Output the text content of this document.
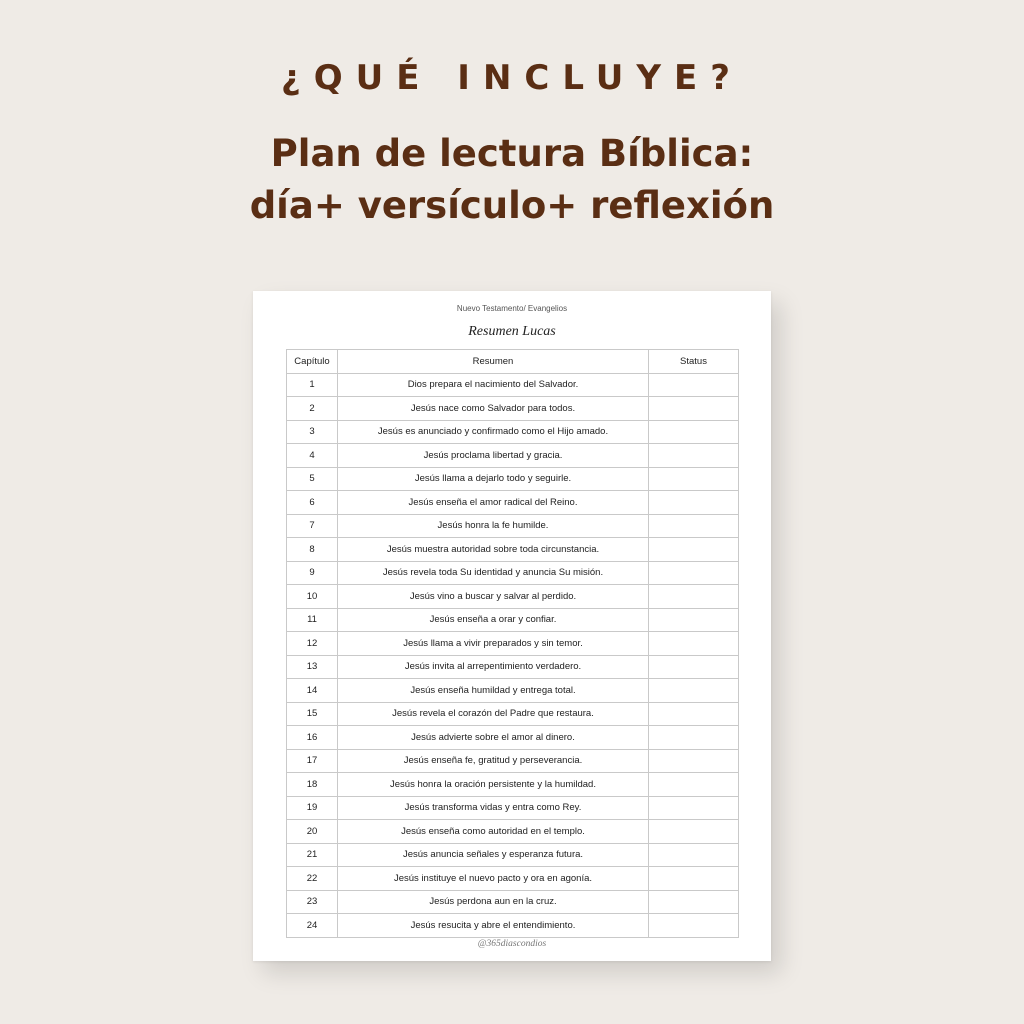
¿QUÉ INCLUYE?
Plan de lectura Bíblica:
día+ versículo+ reflexión
Nuevo Testamento/ Evangelios
Resumen Lucas
Capítulo	Resumen	Status
1	Dios prepara el nacimiento del Salvador.	
2	Jesús nace como Salvador para todos.	
3	Jesús es anunciado y confirmado como el Hijo amado.	
4	Jesús proclama libertad y gracia.	
5	Jesús llama a dejarlo todo y seguirle.	
6	Jesús enseña el amor radical del Reino.	
7	Jesús honra la fe humilde.	
8	Jesús muestra autoridad sobre toda circunstancia.	
9	Jesús revela toda Su identidad y anuncia Su misión.	
10	Jesús vino a buscar y salvar al perdido.	
11	Jesús enseña a orar y confiar.	
12	Jesús llama a vivir preparados y sin temor.	
13	Jesús invita al arrepentimiento verdadero.	
14	Jesús enseña humildad y entrega total.	
15	Jesús revela el corazón del Padre que restaura.	
16	Jesús advierte sobre el amor al dinero.	
17	Jesús enseña fe, gratitud y perseverancia.	
18	Jesús honra la oración persistente y la humildad.	
19	Jesús transforma vidas y entra como Rey.	
20	Jesús enseña como autoridad en el templo.	
21	Jesús anuncia señales y esperanza futura.	
22	Jesús instituye el nuevo pacto y ora en agonía.	
23	Jesús perdona aun en la cruz.	
24	Jesús resucita y abre el entendimiento.	
@365diascondios
